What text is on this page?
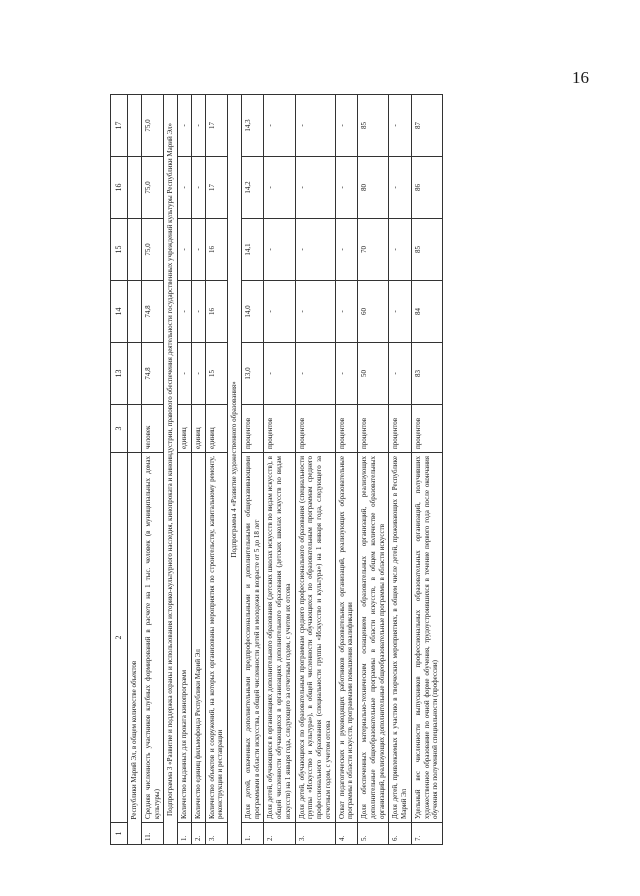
16
1	2	3	13	14	15	16	17
	Республики Марий Эл, в общем количестве объектов						
11.	Средняя численность участников клубных формирований в расчете на 1 тыс. человек (в муниципальных домах культуры)	человек	74,8	74,8	75,0	75,0	75,0
Подпрограмма 3 «Развитие и поддержка охраны и использования историко-культурного наследия, кинопроката и киноиндустрии, правового обеспечения деятельности государственных учреждений культуры Республики Марий Эл»							
1.	Количество выданных для проката кинопрограмм	единиц	-	-	-	-	-
2.	Количество единиц фильмофонда Республики Марий Эл	единиц	-	-	-	-	-
3.	Количество объектов и сооружений, на которых организованы мероприятия по строительству, капитальному ремонту, реконструкции и реставрации	единиц	15	16	16	17	17
Подпрограмма 4 «Развитие художественного образования»							
1.	Доля детей, охваченных дополнительными предпрофессиональными и дополнительными общеразвивающими программами в области искусства, в общей численности детей и молодежи в возрасте от 5 до 18 лет	процентов	13,0	14,0	14,1	14,2	14,3
2.	Доля детей, обучающихся в организациях дополнительного образования (детских школах искусств по видам искусств), в общей численности обучающихся в организациях дополнительного образования (детских школах искусств по видам искусств) на 1 января года, следующего за отчетным годом, с учетом их отсева	процентов	-	-	-	-	-
3.	Доля детей, обучающихся по образовательным программам среднего профессионального образования (специальности группы «Искусство и культура»), в общей численности обучающихся по образовательным программам среднего профессионального образования (специальности группы «Искусство и культура») на 1 января года, следующего за отчетным годом, с учетом отсева	процентов	-	-	-	-	-
4.	Охват педагогических и руководящих работников образовательных организаций, реализующих образовательные программы в области искусств, программами повышения квалификации	процентов	-	-	-	-	-
5.	Доля обеспеченных материально-техническим оснащением образовательных организаций, реализующих дополнительные общеобразовательные программы в области искусств, в общем количестве образовательных организаций, реализующих дополнительные общеобразовательные программы в области искусств	процентов	50	60	70	80	85
6.	Доля детей, привлекаемых к участию в творческих мероприятиях, в общем числе детей, проживающих в Республике Марий Эл	процентов	-	-	-	-	-
7.	Удельный вес численности выпускников профессиональных образовательных организаций, получивших художественное образование по очной форме обучения, трудоустроившихся в течение первого года после окончания обучения по полученной специальности (профессии)	процентов	83	84	85	86	87
